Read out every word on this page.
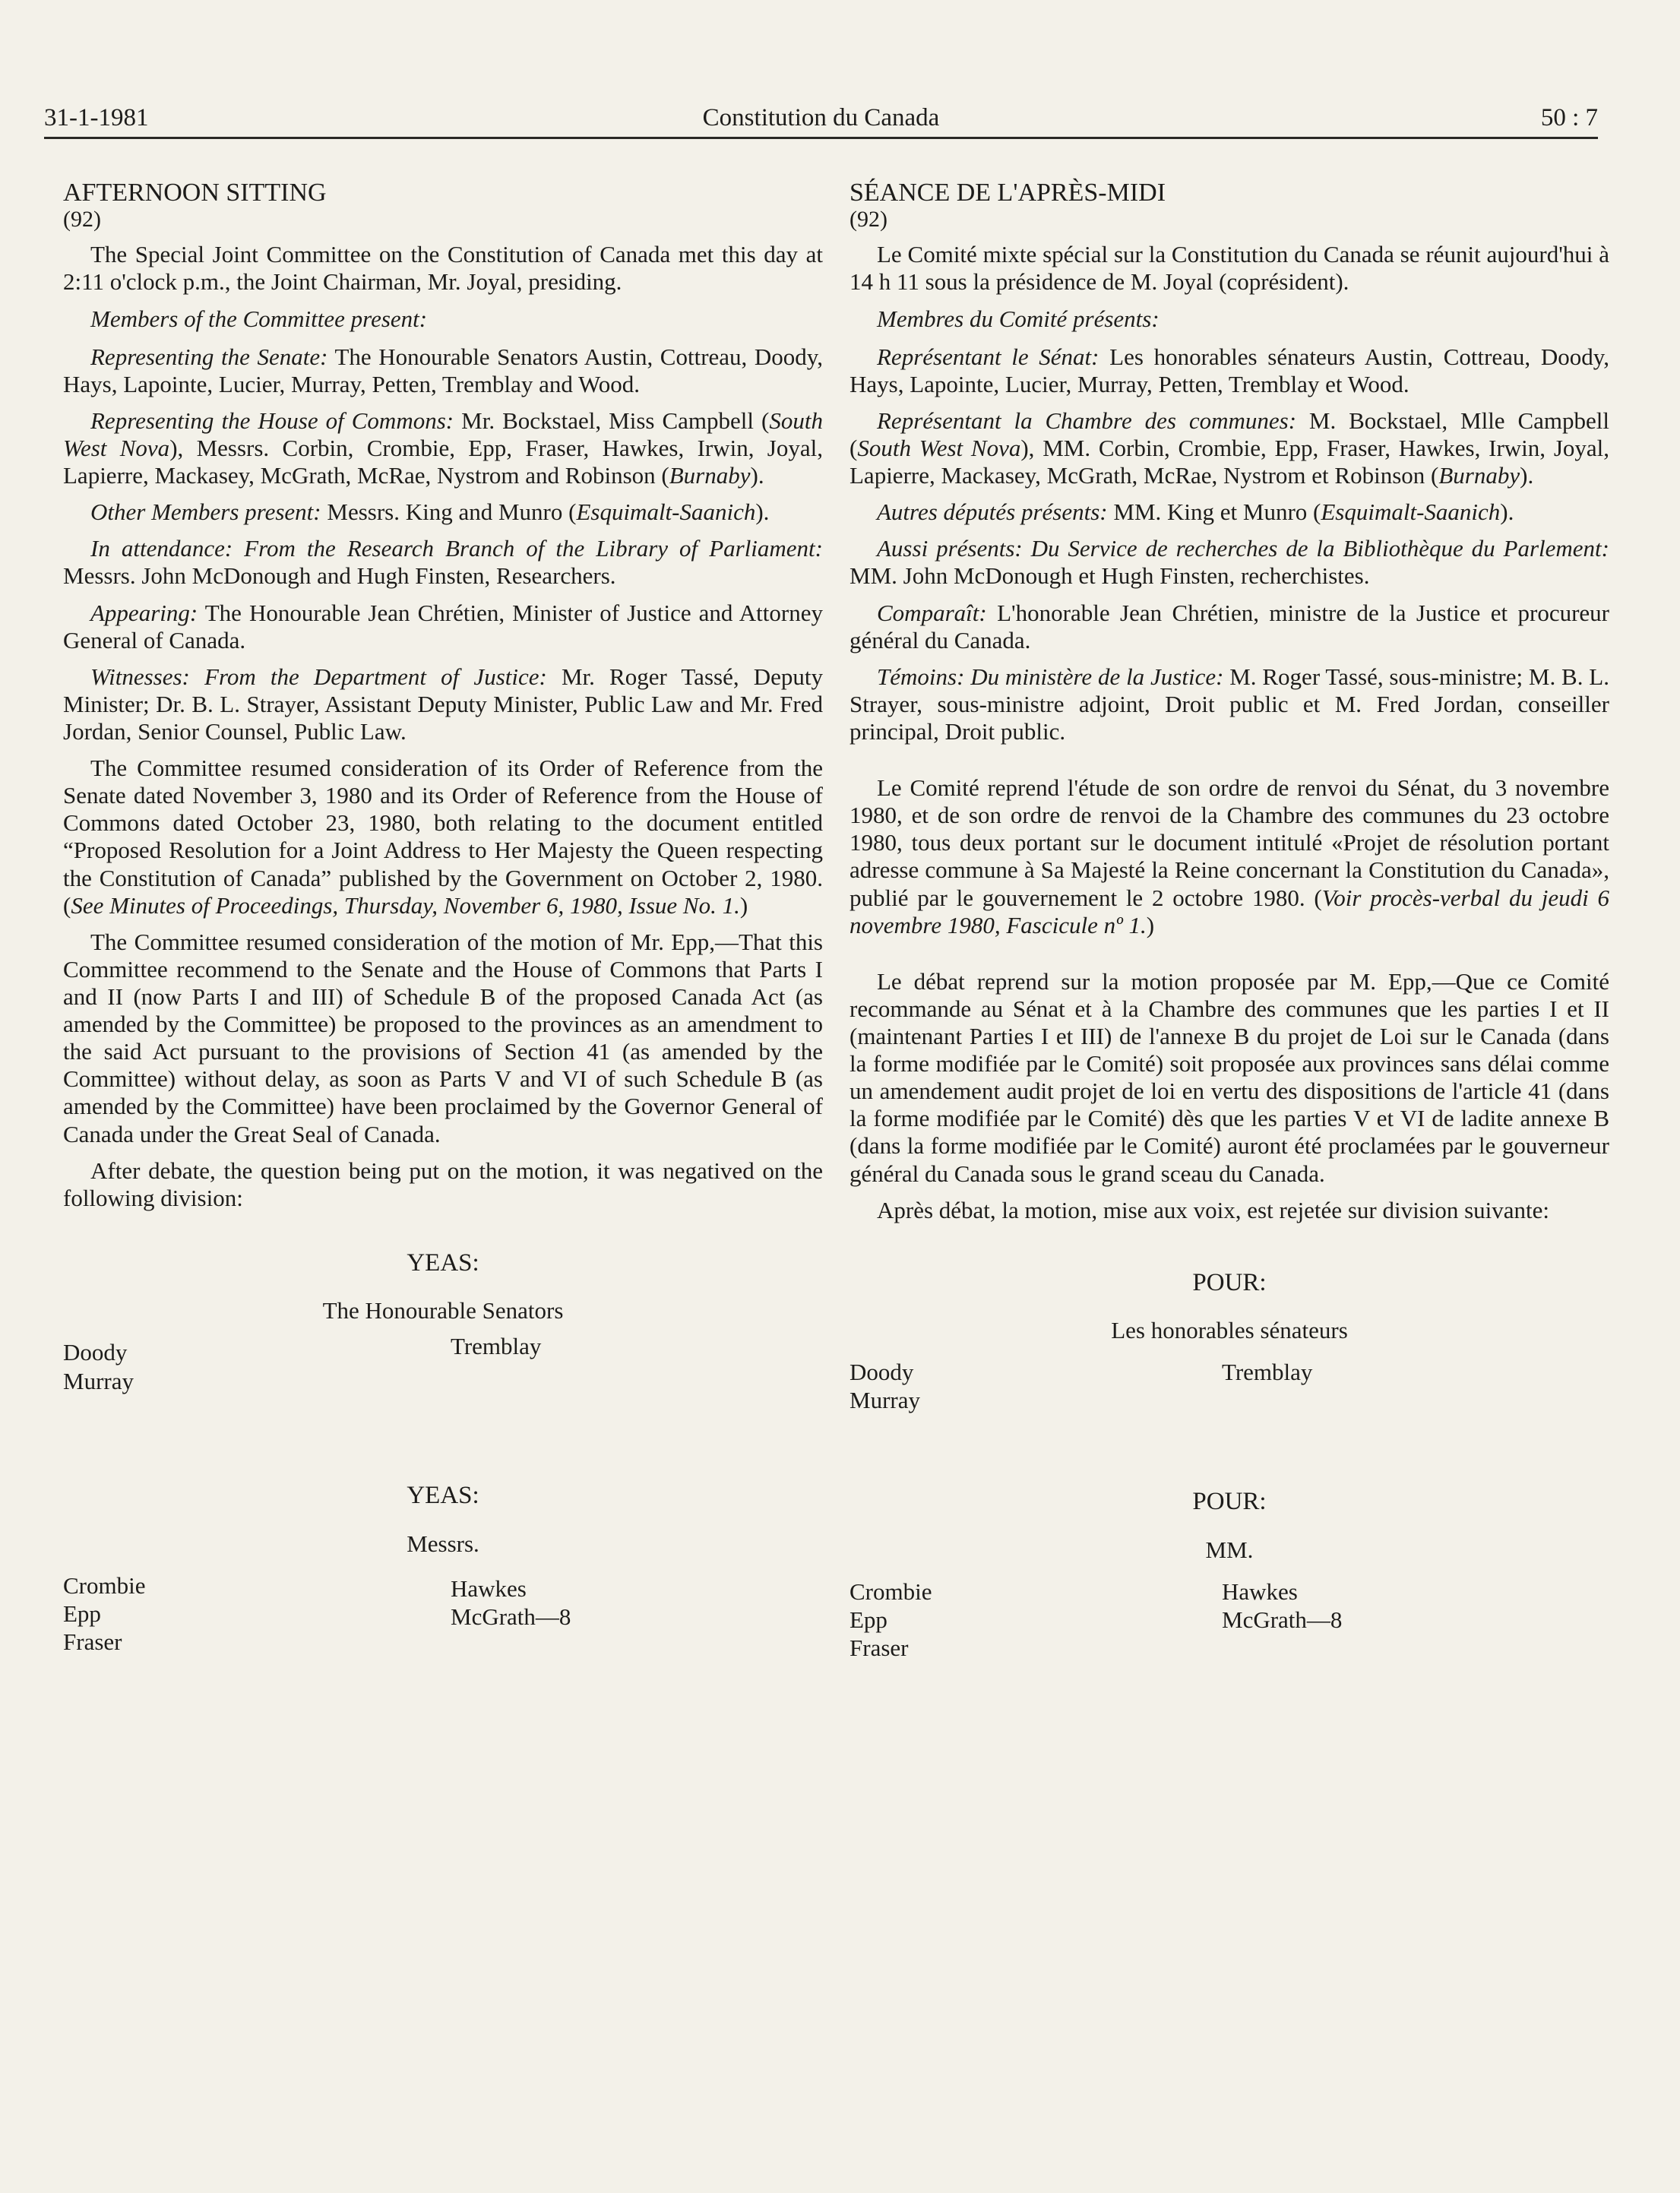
31-1-1981	Constitution du Canada	50 : 7
AFTERNOON SITTING
(92)

The Special Joint Committee on the Constitution of Canada met this day at 2:11 o'clock p.m., the Joint Chairman, Mr. Joyal, presiding.

Members of the Committee present:

Representing the Senate: The Honourable Senators Austin, Cottreau, Doody, Hays, Lapointe, Lucier, Murray, Petten, Tremblay and Wood.

Representing the House of Commons: Mr. Bockstael, Miss Campbell (South West Nova), Messrs. Corbin, Crombie, Epp, Fraser, Hawkes, Irwin, Joyal, Lapierre, Mackasey, McGrath, McRae, Nystrom and Robinson (Burnaby).

Other Members present: Messrs. King and Munro (Esquimalt-Saanich).

In attendance: From the Research Branch of the Library of Parliament: Messrs. John McDonough and Hugh Finsten, Researchers.

Appearing: The Honourable Jean Chrétien, Minister of Justice and Attorney General of Canada.

Witnesses: From the Department of Justice: Mr. Roger Tassé, Deputy Minister; Dr. B. L. Strayer, Assistant Deputy Minister, Public Law and Mr. Fred Jordan, Senior Counsel, Public Law.

The Committee resumed consideration of its Order of Reference from the Senate dated November 3, 1980 and its Order of Reference from the House of Commons dated October 23, 1980, both relating to the document entitled “Proposed Resolution for a Joint Address to Her Majesty the Queen respecting the Constitution of Canada” published by the Government on October 2, 1980. (See Minutes of Proceedings, Thursday, November 6, 1980, Issue No. 1.)

The Committee resumed consideration of the motion of Mr. Epp,—That this Committee recommend to the Senate and the House of Commons that Parts I and II (now Parts I and III) of Schedule B of the proposed Canada Act (as amended by the Committee) be proposed to the provinces as an amendment to the said Act pursuant to the provisions of Section 41 (as amended by the Committee) without delay, as soon as Parts V and VI of such Schedule B (as amended by the Committee) have been proclaimed by the Governor General of Canada under the Great Seal of Canada.

After debate, the question being put on the motion, it was negatived on the following division:

YEAS:
The Honourable Senators
Doody
Murray
Tremblay
YEAS:
Messrs.
Crombie
Epp
Fraser
Hawkes
McGrath—8
SÉANCE DE L'APRÈS-MIDI
(92)

Le Comité mixte spécial sur la Constitution du Canada se réunit aujourd'hui à 14 h 11 sous la présidence de M. Joyal (coprésident).

Membres du Comité présents:

Représentant le Sénat: Les honorables sénateurs Austin, Cottreau, Doody, Hays, Lapointe, Lucier, Murray, Petten, Tremblay et Wood.

Représentant la Chambre des communes: M. Bockstael, Mlle Campbell (South West Nova), MM. Corbin, Crombie, Epp, Fraser, Hawkes, Irwin, Joyal, Lapierre, Mackasey, McGrath, McRae, Nystrom et Robinson (Burnaby).

Autres députés présents: MM. King et Munro (Esquimalt-Saanich).

Aussi présents: Du Service de recherches de la Bibliothèque du Parlement: MM. John McDonough et Hugh Finsten, recherchistes.

Comparaît: L'honorable Jean Chrétien, ministre de la Justice et procureur général du Canada.

Témoins: Du ministère de la Justice: M. Roger Tassé, sous-ministre; M. B. L. Strayer, sous-ministre adjoint, Droit public et M. Fred Jordan, conseiller principal, Droit public.

Le Comité reprend l'étude de son ordre de renvoi du Sénat, du 3 novembre 1980, et de son ordre de renvoi de la Chambre des communes du 23 octobre 1980, tous deux portant sur le document intitulé «Projet de résolution portant adresse commune à Sa Majesté la Reine concernant la Constitution du Canada», publié par le gouvernement le 2 octobre 1980. (Voir procès-verbal du jeudi 6 novembre 1980, Fascicule nº 1.)

Le débat reprend sur la motion proposée par M. Epp,—Que ce Comité recommande au Sénat et à la Chambre des communes que les parties I et II (maintenant Parties I et III) de l'annexe B du projet de Loi sur le Canada (dans la forme modifiée par le Comité) soit proposée aux provinces sans délai comme un amendement audit projet de loi en vertu des dispositions de l'article 41 (dans la forme modifiée par le Comité) dès que les parties V et VI de ladite annexe B (dans la forme modifiée par le Comité) auront été proclamées par le gouverneur général du Canada sous le grand sceau du Canada.

Après débat, la motion, mise aux voix, est rejetée sur division suivante:

POUR:
Les honorables sénateurs
Doody
Murray
Tremblay
POUR:
MM.
Crombie
Epp
Fraser
Hawkes
McGrath—8
